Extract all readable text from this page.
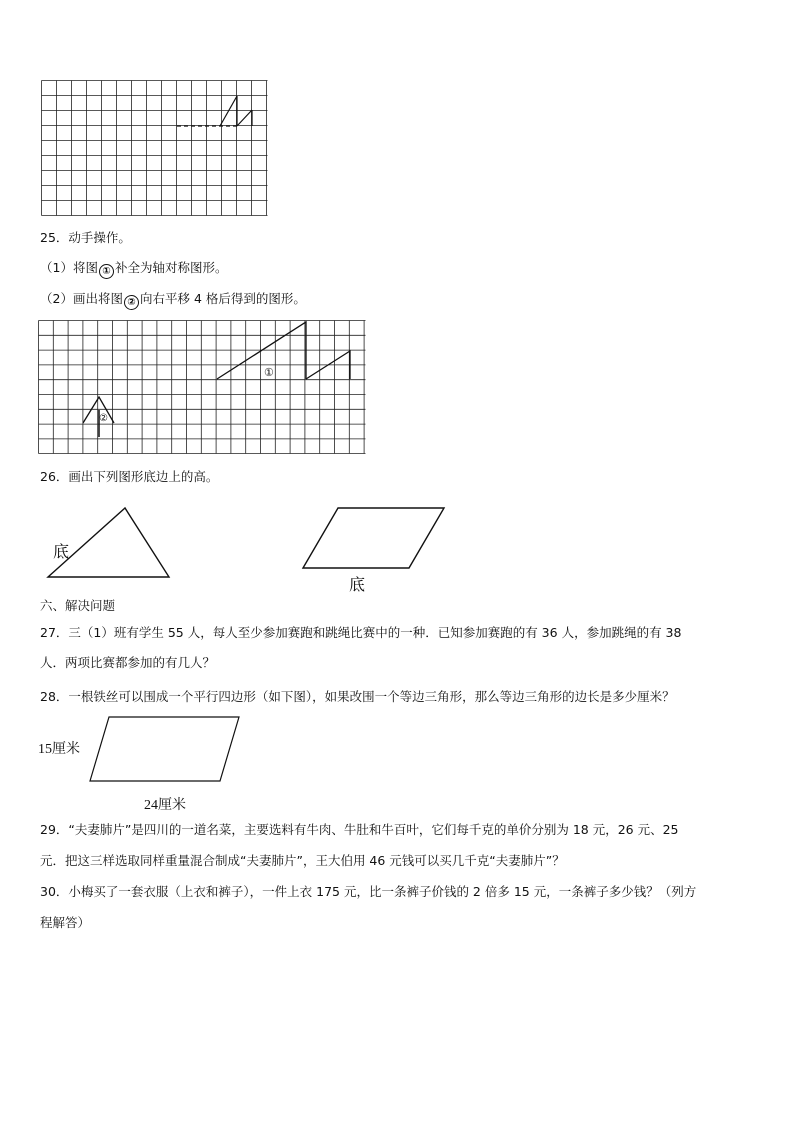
25．动手操作。
（1）将图 ① 补全为轴对称图形。
（2）画出将图 ② 向右平移 4 格后得到的图形。
①
②
26．画出下列图形底边上的高。
底
底
六、解决问题
27．三（1）班有学生 55 人，每人至少参加赛跑和跳绳比赛中的一种．已知参加赛跑的有 36 人，参加跳绳的有 38
人．两项比赛都参加的有几人？
28．一根铁丝可以围成一个平行四边形（如下图），如果改围一个等边三角形，那么等边三角形的边长是多少厘米？
15厘米
24厘米
29．“夫妻肺片”是四川的一道名菜，主要选料有牛肉、牛肚和牛百叶，它们每千克的单价分别为 18 元，26 元、25
元．把这三样选取同样重量混合制成“夫妻肺片”，王大伯用 46 元钱可以买几千克“夫妻肺片”？
30．小梅买了一套衣服（上衣和裤子），一件上衣 175 元，比一条裤子价钱的 2 倍多 15 元，一条裤子多少钱？（列方
程解答）
